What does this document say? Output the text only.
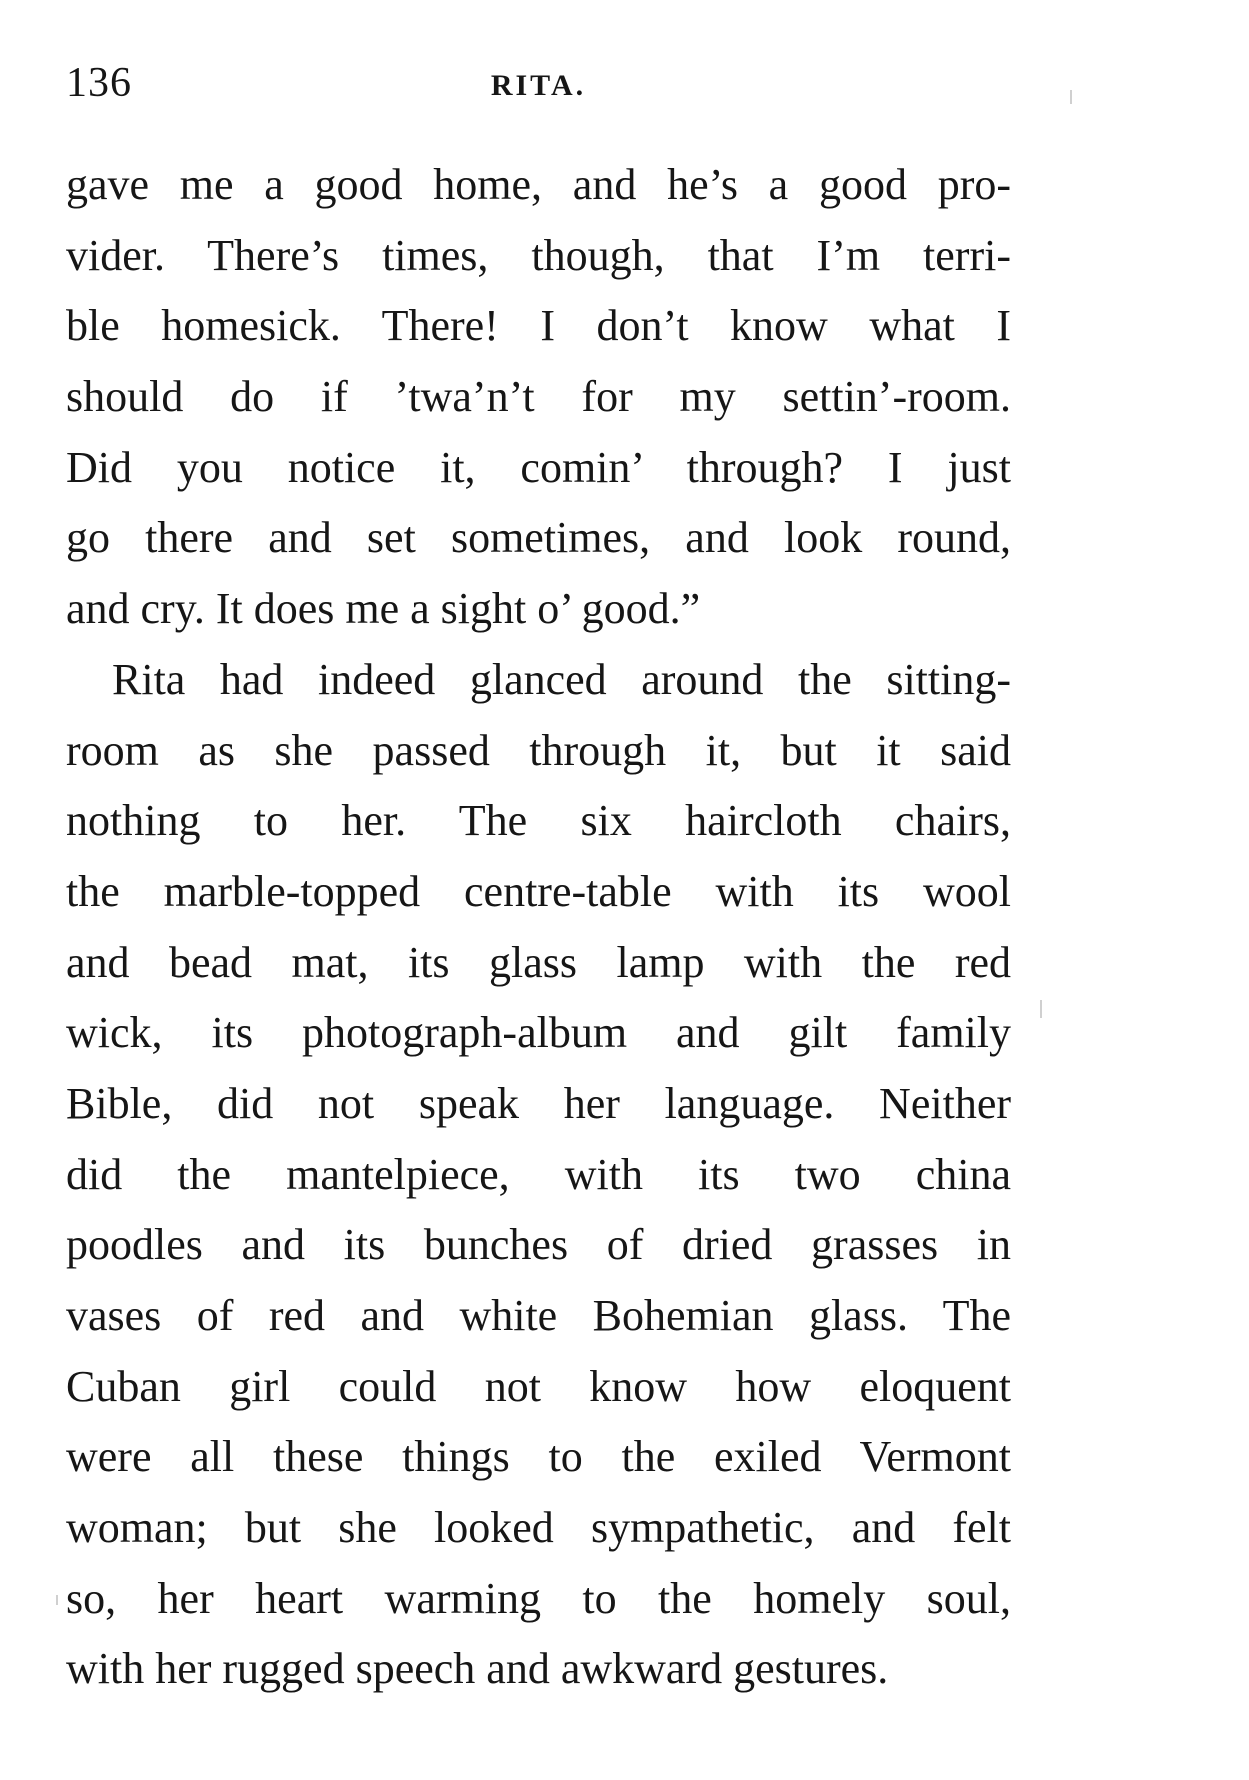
136	RITA.
gave me a good home, and he’s a good pro-
vider. There’s times, though, that I’m terri-
ble homesick. There! I don’t know what I
should do if ’twa’n’t for my settin’-room.
Did you notice it, comin’ through? I just
go there and set sometimes, and look round,
and cry. It does me a sight o’ good.”
Rita had indeed glanced around the sitting-
room as she passed through it, but it said
nothing to her. The six haircloth chairs,
the marble-topped centre-table with its wool
and bead mat, its glass lamp with the red
wick, its photograph-album and gilt family
Bible, did not speak her language. Neither
did the mantelpiece, with its two china
poodles and its bunches of dried grasses in
vases of red and white Bohemian glass. The
Cuban girl could not know how eloquent
were all these things to the exiled Vermont
woman; but she looked sympathetic, and felt
so, her heart warming to the homely soul,
with her rugged speech and awkward gestures.
